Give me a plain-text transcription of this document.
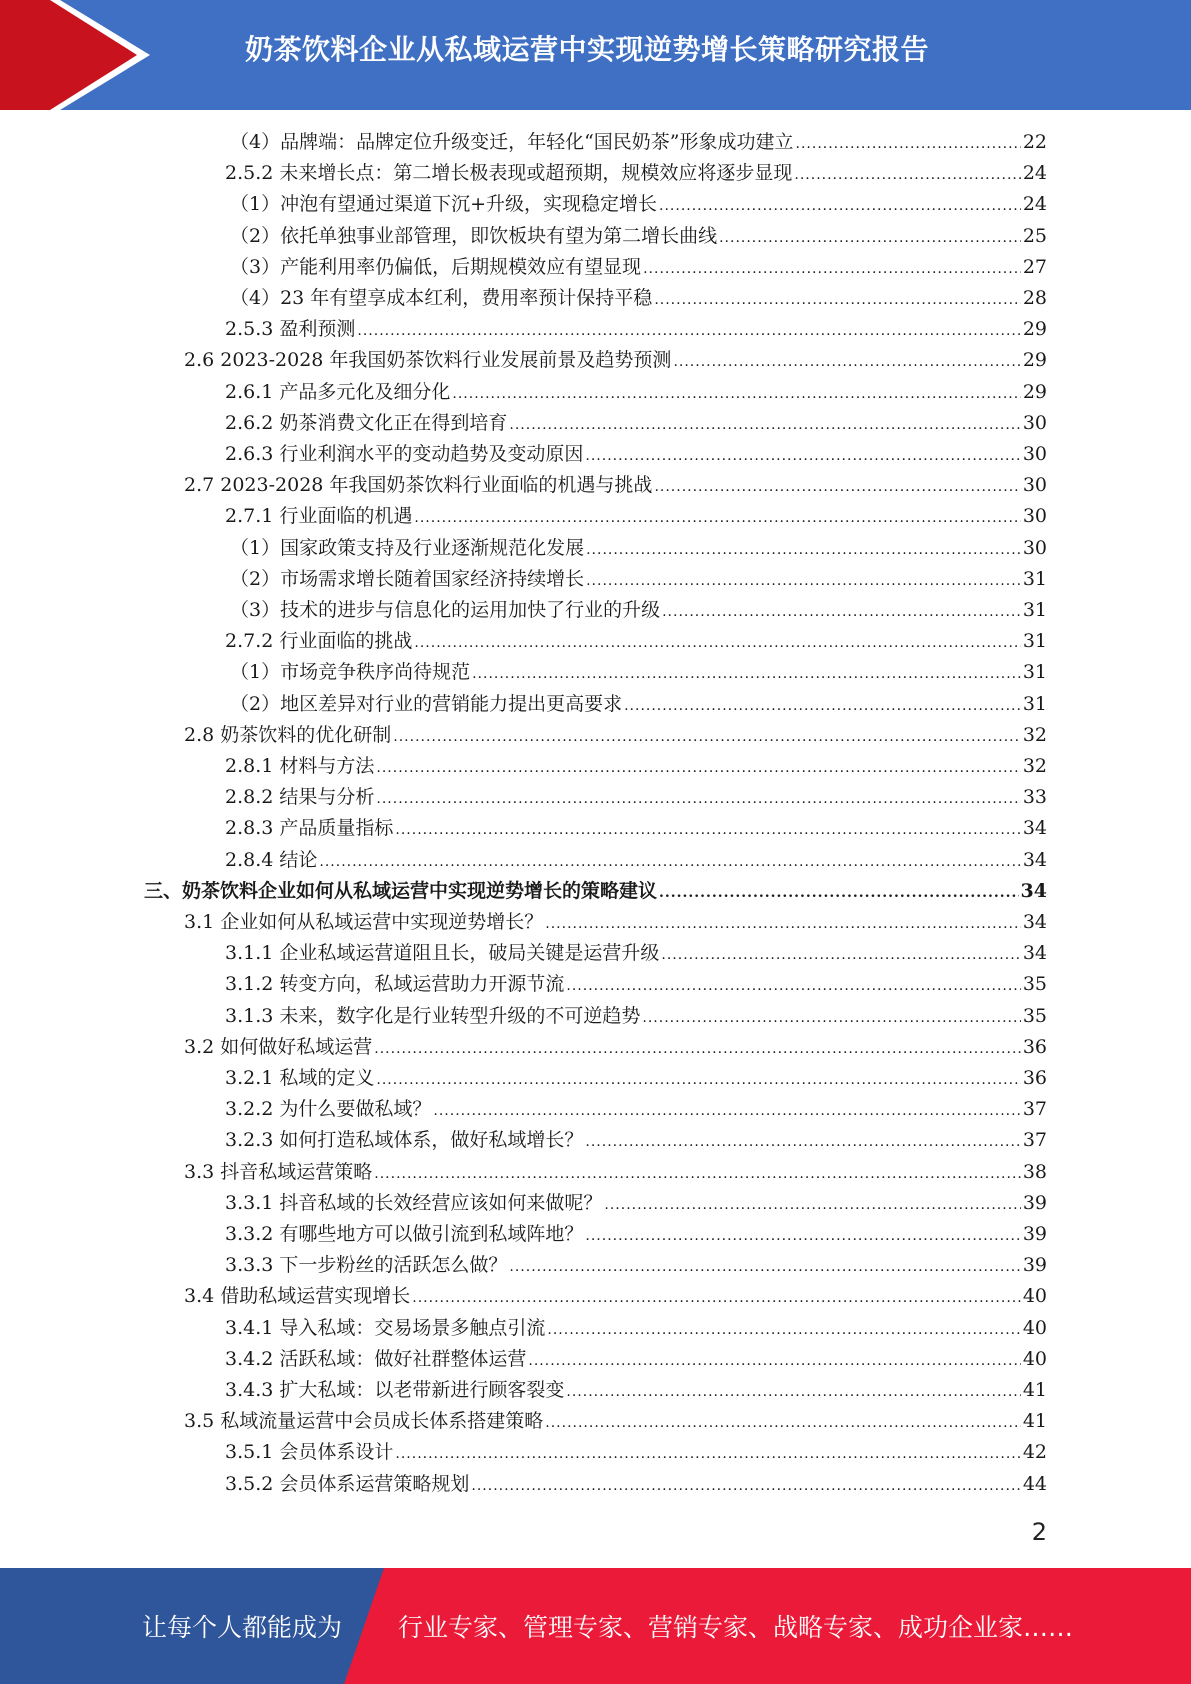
奶茶饮料企业从私域运营中实现逆势增长策略研究报告
（4）品牌端：品牌定位升级变迁，年轻化“国民奶茶”形象成功建立 .....	22
2.5.2 未来增长点：第二增长极表现或超预期，规模效应将逐步显现 .....	24
（1）冲泡有望通过渠道下沉+升级，实现稳定增长 .....	24
（2）依托单独事业部管理，即饮板块有望为第二增长曲线 .....	25
（3）产能利用率仍偏低，后期规模效应有望显现 .....	27
（4）23 年有望享成本红利，费用率预计保持平稳 .....	28
2.5.3 盈利预测 .....	29
2.6 2023-2028 年我国奶茶饮料行业发展前景及趋势预测 .....	29
2.6.1 产品多元化及细分化 .....	29
2.6.2 奶茶消费文化正在得到培育 .....	30
2.6.3 行业利润水平的变动趋势及变动原因 .....	30
2.7 2023-2028 年我国奶茶饮料行业面临的机遇与挑战 .....	30
2.7.1 行业面临的机遇 .....	30
（1）国家政策支持及行业逐渐规范化发展 .....	30
（2）市场需求增长随着国家经济持续增长 .....	31
（3）技术的进步与信息化的运用加快了行业的升级 .....	31
2.7.2 行业面临的挑战 .....	31
（1）市场竞争秩序尚待规范 .....	31
（2）地区差异对行业的营销能力提出更高要求 .....	31
2.8 奶茶饮料的优化研制 .....	32
2.8.1 材料与方法 .....	32
2.8.2 结果与分析 .....	33
2.8.3 产品质量指标 .....	34
2.8.4 结论 .....	34
三、奶茶饮料企业如何从私域运营中实现逆势增长的策略建议 .....	34
3.1 企业如何从私域运营中实现逆势增长？ .....	34
3.1.1 企业私域运营道阻且长，破局关键是运营升级 .....	34
3.1.2 转变方向，私域运营助力开源节流 .....	35
3.1.3 未来，数字化是行业转型升级的不可逆趋势 .....	35
3.2 如何做好私域运营 .....	36
3.2.1 私域的定义 .....	36
3.2.2 为什么要做私域？ .....	37
3.2.3 如何打造私域体系，做好私域增长？ .....	37
3.3 抖音私域运营策略 .....	38
3.3.1 抖音私域的长效经营应该如何来做呢？ .....	39
3.3.2 有哪些地方可以做引流到私域阵地？ .....	39
3.3.3 下一步粉丝的活跃怎么做？ .....	39
3.4 借助私域运营实现增长 .....	40
3.4.1 导入私域：交易场景多触点引流 .....	40
3.4.2 活跃私域：做好社群整体运营 .....	40
3.4.3 扩大私域：以老带新进行顾客裂变 .....	41
3.5 私域流量运营中会员成长体系搭建策略 .....	41
3.5.1 会员体系设计 .....	42
3.5.2 会员体系运营策略规划 .....	44
2
让每个人都能成为 行业专家、管理专家、营销专家、战略专家、成功企业家……
